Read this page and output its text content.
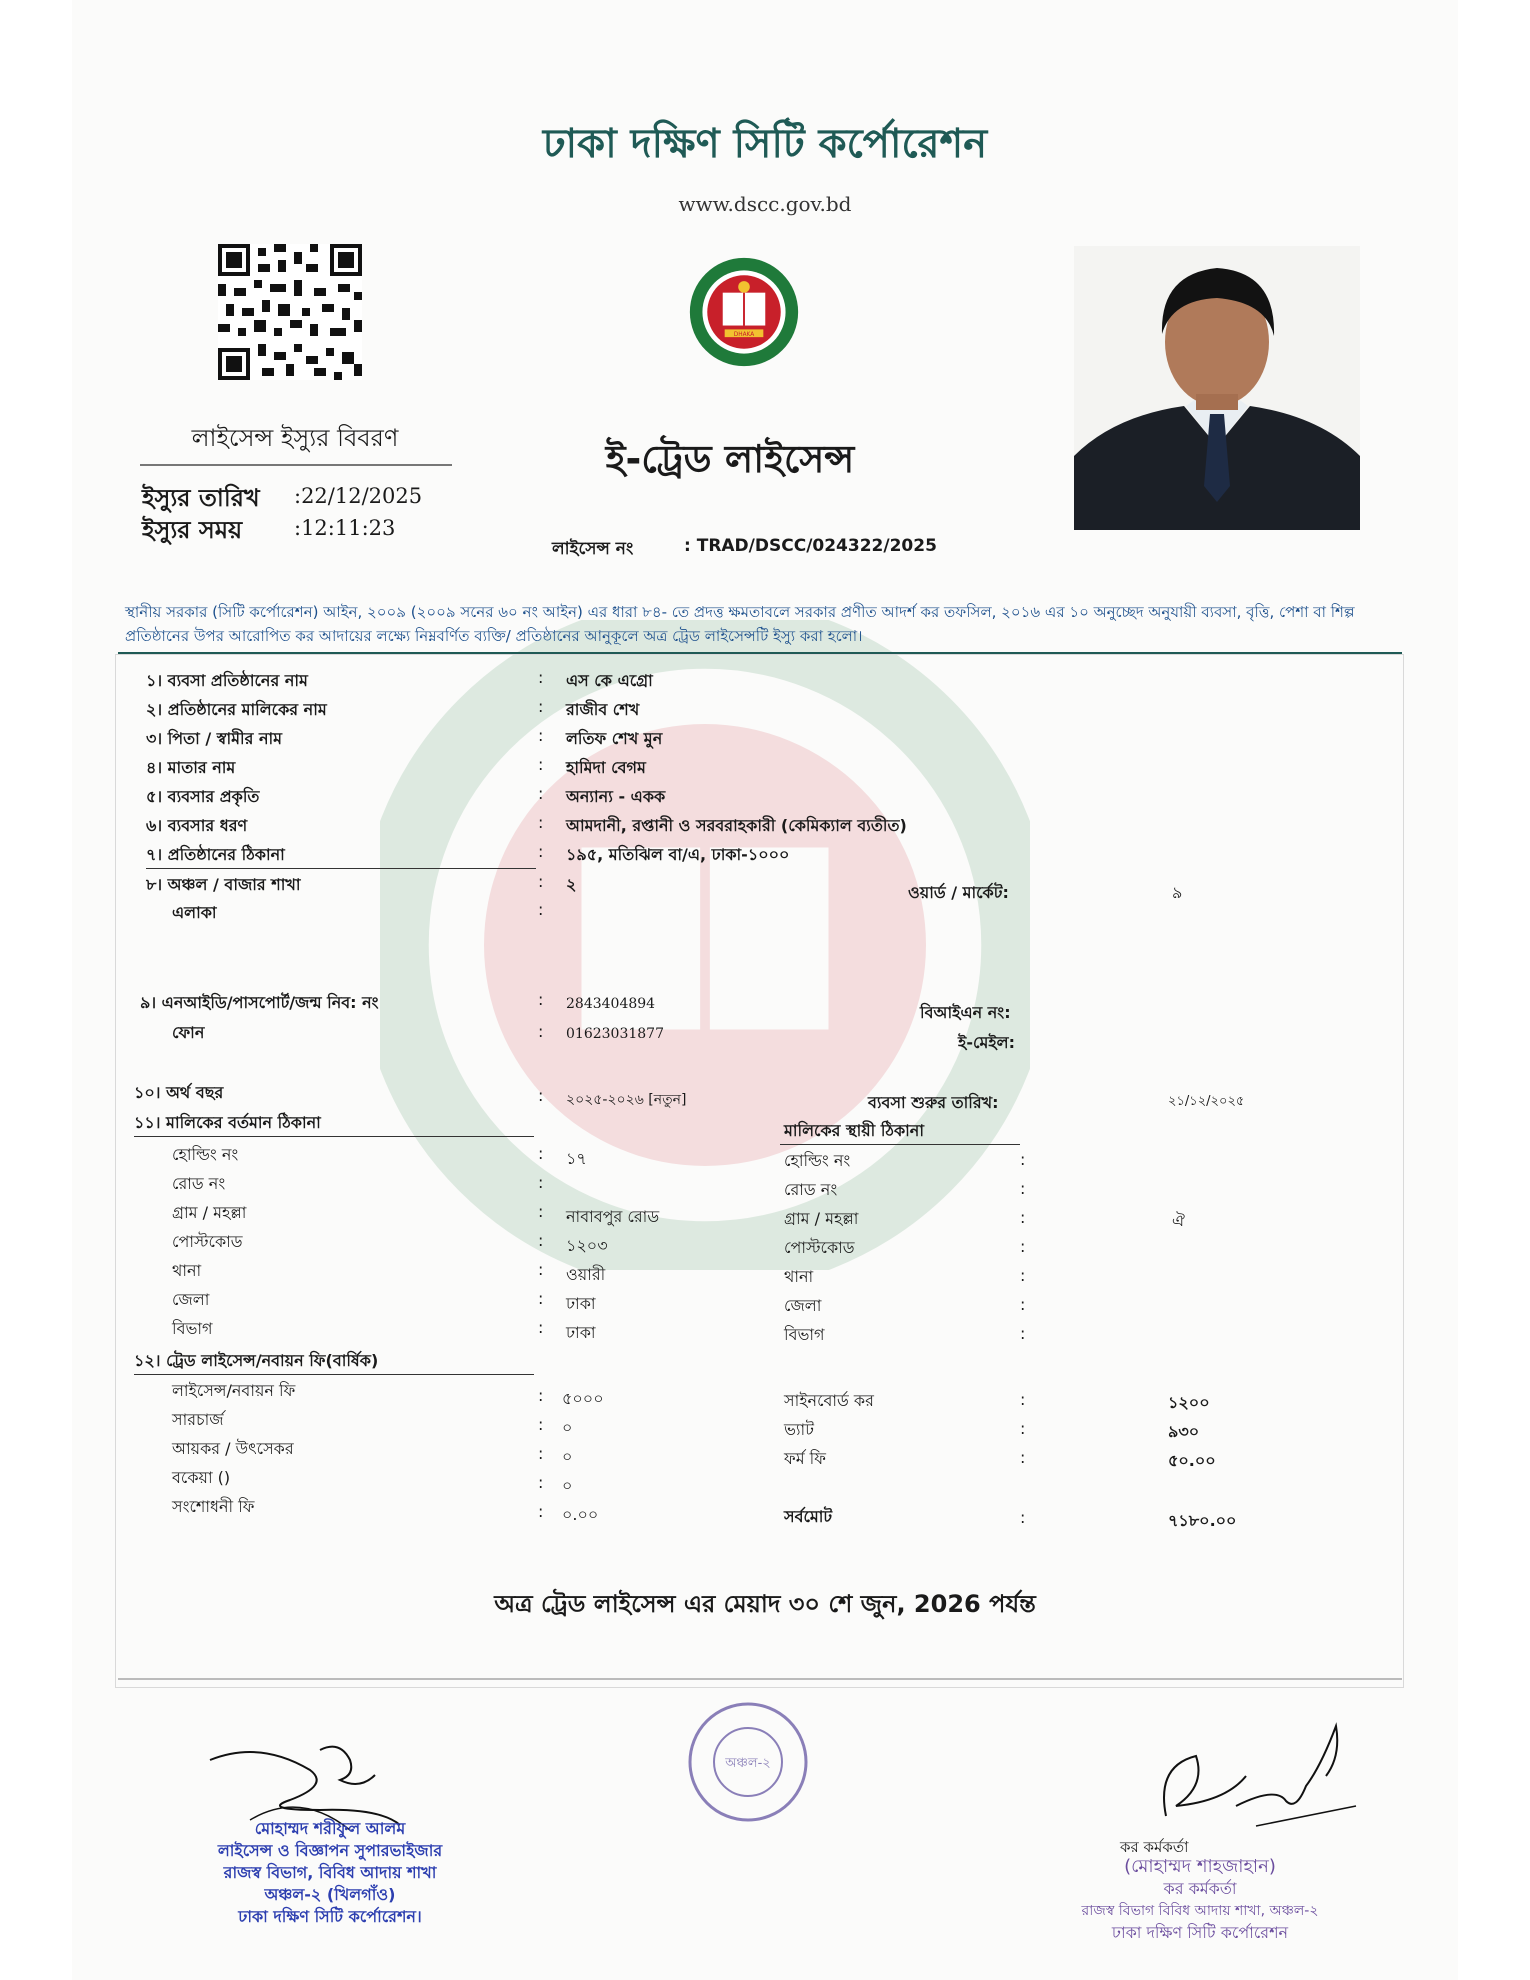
ঢাকা দক্ষিণ সিটি কর্পোরেশন
www.dscc.gov.bd
DHAKA
লাইসেন্স ইস্যুর বিবরণ
ইস্যুর তারিখ :22/12/2025
ইস্যুর সময় :12:11:23
ই-ট্রেড লাইসেন্স
লাইসেন্স নং	: TRAD/DSCC/024322/2025
স্থানীয় সরকার (সিটি কর্পোরেশন) আইন, ২০০৯ (২০০৯ সনের ৬০ নং আইন) এর ধারা ৮৪- তে প্রদত্ত ক্ষমতাবলে সরকার প্রণীত আদর্শ কর তফসিল, ২০১৬ এর ১০ অনুচ্ছেদ অনুযায়ী ব্যবসা, বৃত্তি, পেশা বা শিল্প প্রতিষ্ঠানের উপর আরোপিত কর আদায়ের লক্ষ্যে নিম্নবর্ণিত ব্যক্তি/ প্রতিষ্ঠানের আনুকূলে অত্র ট্রেড লাইসেন্সটি ইস্যু করা হলো।
১। ব্যবসা প্রতিষ্ঠানের নাম	: এস কে এগ্রো
২। প্রতিষ্ঠানের মালিকের নাম	: রাজীব শেখ
৩। পিতা / স্বামীর নাম	: লতিফ শেখ মুন
৪। মাতার নাম	: হামিদা বেগম
৫। ব্যবসার প্রকৃতি	: অন্যান্য - একক
৬। ব্যবসার ধরণ	: আমদানী, রপ্তানী ও সরবরাহকারী (কেমিক্যাল ব্যতীত)
৭। প্রতিষ্ঠানের ঠিকানা	: ১৯৫, মতিঝিল বা/এ, ঢাকা-১০০০
৮। অঞ্চল / বাজার শাখা	: ২	ওয়ার্ড / মার্কেট:	৯
এলাকা	:
৯। এনআইডি/পাসপোর্ট/জন্ম নিব: নং	: 2843404894	বিআইএন নং:
ফোন	: 01623031877	ই-মেইল:
১০। অর্থ বছর	: ২০২৫-২০২৬ [নতুন]	ব্যবসা শুরুর তারিখ:	২১/১২/২০২৫
১১। মালিকের বর্তমান ঠিকানা	মালিকের স্থায়ী ঠিকানা
হোল্ডিং নং	: ১৭	হোল্ডিং নং	:
রোড নং	:	রোড নং	:
গ্রাম / মহল্লা	: নাবাবপুর রোড	গ্রাম / মহল্লা	:	ঐ
পোস্টকোড	: ১২০৩	পোস্টকোড	:
থানা	: ওয়ারী	থানা	:
জেলা	: ঢাকা	জেলা	:
বিভাগ	: ঢাকা	বিভাগ	:
১২। ট্রেড লাইসেন্স/নবায়ন ফি(বার্ষিক)
লাইসেন্স/নবায়ন ফি	: ৫০০০	সাইনবোর্ড কর	:	১২০০
সারচার্জ	: ০	ভ্যাট	:	৯৩০
আয়কর / উৎসেকর	: ০	ফর্ম ফি	:	৫০.০০
বকেয়া ()	: ০
সংশোধনী ফি	: ০.০০	সর্বমোট	:	৭১৮০.০০
অত্র ট্রেড লাইসেন্স এর মেয়াদ ৩০ শে জুন, 2026 পর্যন্ত
অঞ্চল-২
মোহাম্মদ শরীফুল আলম
লাইসেন্স ও বিজ্ঞাপন সুপারভাইজার
রাজস্ব বিভাগ, বিবিধ আদায় শাখা
অঞ্চল-২ (খিলগাঁও)
ঢাকা দক্ষিণ সিটি কর্পোরেশন।
কর কর্মকর্তা
(মোহাম্মদ শাহজাহান)
কর কর্মকর্তা
রাজস্ব বিভাগ বিবিধ আদায় শাখা, অঞ্চল-২
ঢাকা দক্ষিণ সিটি কর্পোরেশন
